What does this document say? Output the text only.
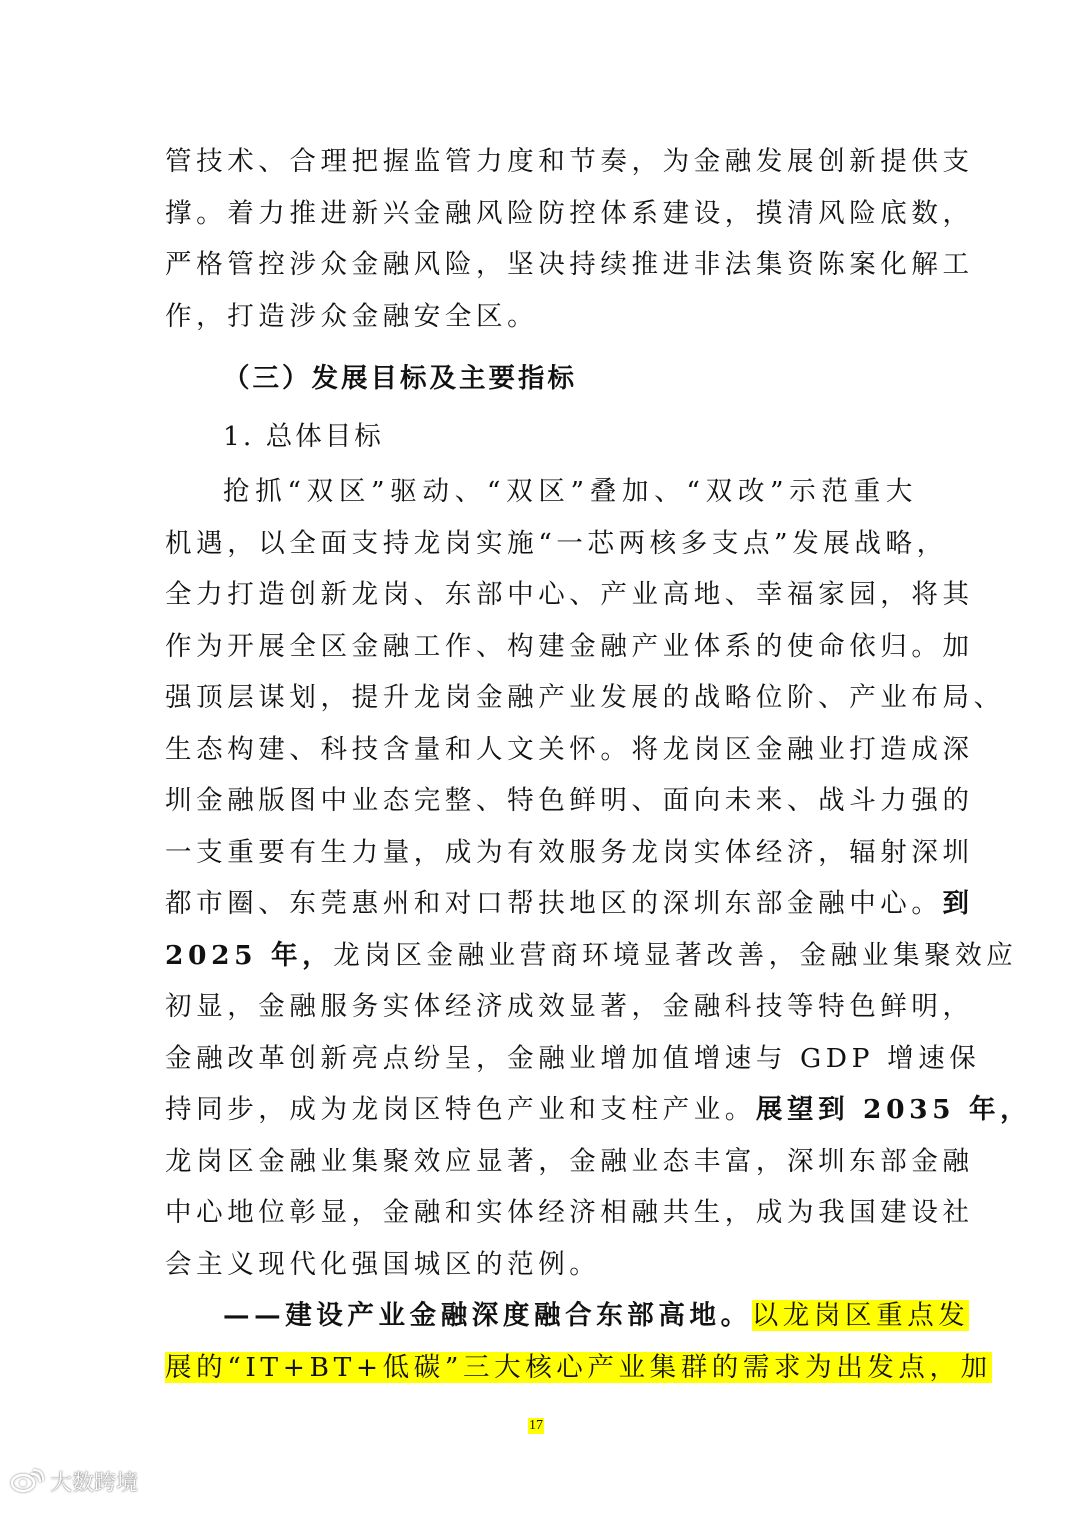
管技术、合理把握监管力度和节奏，为金融发展创新提供支
撑。着力推进新兴金融风险防控体系建设，摸清风险底数，
严格管控涉众金融风险，坚决持续推进非法集资陈案化解工
作，打造涉众金融安全区。
（三）发展目标及主要指标
1. 总体目标
抢抓“双区”驱动、“双区”叠加、“双改”示范重大
机遇，以全面支持龙岗实施“一芯两核多支点”发展战略，
全力打造创新龙岗、东部中心、产业高地、幸福家园，将其
作为开展全区金融工作、构建金融产业体系的使命依归。加
强顶层谋划，提升龙岗金融产业发展的战略位阶、产业布局、
生态构建、科技含量和人文关怀。将龙岗区金融业打造成深
圳金融版图中业态完整、特色鲜明、面向未来、战斗力强的
一支重要有生力量，成为有效服务龙岗实体经济，辐射深圳
都市圈、东莞惠州和对口帮扶地区的深圳东部金融中心。到
2025 年，龙岗区金融业营商环境显著改善，金融业集聚效应
初显，金融服务实体经济成效显著，金融科技等特色鲜明，
金融改革创新亮点纷呈，金融业增加值增速与 GDP 增速保
持同步，成为龙岗区特色产业和支柱产业。展望到 2035 年，
龙岗区金融业集聚效应显著，金融业态丰富，深圳东部金融
中心地位彰显，金融和实体经济相融共生，成为我国建设社
会主义现代化强国城区的范例。
——建设产业金融深度融合东部高地。以龙岗区重点发
展的“IT+BT+低碳”三大核心产业集群的需求为出发点，加
17
大数跨境
